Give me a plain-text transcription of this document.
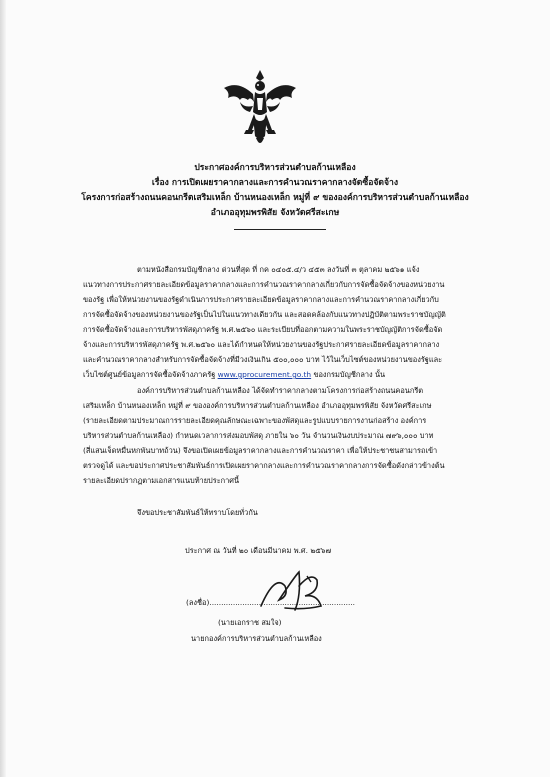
ประกาศองค์การบริหารส่วนตำบลก้านเหลือง
เรื่อง การเปิดเผยราคากลางและการคำนวณราคากลางจัดซื้อจัดจ้าง
โครงการก่อสร้างถนนคอนกรีตเสริมเหล็ก บ้านหนองเหล็ก หมู่ที่ ๙ ขององค์การบริหารส่วนตำบลก้านเหลือง
อำเภออุทุมพรพิสัย จังหวัดศรีสะเกษ
ตามหนังสือกรมบัญชีกลาง ด่วนที่สุด ที่ กค ๐๔๐๕.๔/ว ๔๕๓ ลงวันที่ ๓ ตุลาคม ๒๕๖๑ แจ้ง
แนวทางการประกาศรายละเอียดข้อมูลราคากลางและการคำนวณราคากลางเกี่ยวกับการจัดซื้อจัดจ้างของหน่วยงาน
ของรัฐ เพื่อให้หน่วยงานของรัฐดำเนินการประกาศรายละเอียดข้อมูลราคากลางและการคำนวณราคากลางเกี่ยวกับ
การจัดซื้อจัดจ้างของหน่วยงานของรัฐเป็นไปในแนวทางเดียวกัน และสอดคล้องกับแนวทางปฏิบัติตามพระราชบัญญัติ
การจัดซื้อจัดจ้างและการบริหารพัสดุภาครัฐ พ.ศ.๒๕๖๐ และระเบียบที่ออกตามความในพระราชบัญญัติการจัดซื้อจัด
จ้างและการบริหารพัสดุภาครัฐ พ.ศ.๒๕๖๐ และได้กำหนดให้หน่วยงานของรัฐประกาศรายละเอียดข้อมูลราคากลาง
และคำนวณราคากลางสำหรับการจัดซื้อจัดจ้างที่มีวงเงินเกิน ๕๐๐,๐๐๐ บาท ไว้ในเว็บไซต์ของหน่วยงานของรัฐและ
เว็บไซต์ศูนย์ข้อมูลการจัดซื้อจัดจ้างภาครัฐ www.gprocurement.go.th ของกรมบัญชีกลาง นั้น
องค์การบริหารส่วนตำบลก้านเหลือง ได้จัดทำราคากลางตามโครงการก่อสร้างถนนคอนกรีต
เสริมเหล็ก บ้านหนองเหล็ก หมู่ที่ ๙ ขององค์การบริหารส่วนตำบลก้านเหลือง อำเภออุทุมพรพิสัย จังหวัดศรีสะเกษ
(รายละเอียดตามประมาณการรายละเอียดคุณลักษณะเฉพาะของพัสดุและรูปแบบรายการงานก่อสร้าง องค์การ
บริหารส่วนตำบลก้านเหลือง) กำหนดเวลาการส่งมอบพัสดุ ภายใน ๖๐ วัน จำนวนเงินงบประมาณ ๗๙๖,๐๐๐ บาท
(สี่แสนเจ็ดหมื่นหกพันบาทถ้วน) จึงขอเปิดเผยข้อมูลราคากลางและการคำนวณราคา เพื่อให้ประชาชนสามารถเข้า
ตรวจดูได้ และขอประกาศประชาสัมพันธ์การเปิดเผยราคากลางและการคำนวณราคากลางการจัดซื้อดังกล่าวข้างต้น
รายละเอียดปรากฏตามเอกสารแนบท้ายประกาศนี้
จึงขอประชาสัมพันธ์ให้ทราบโดยทั่วกัน
ประกาศ ณ วันที่ ๒๐ เดือนมีนาคม พ.ศ. ๒๕๖๗
(ลงชื่อ)..............................................................
(นายเอกราช สมใจ)
นายกองค์การบริหารส่วนตำบลก้านเหลือง
